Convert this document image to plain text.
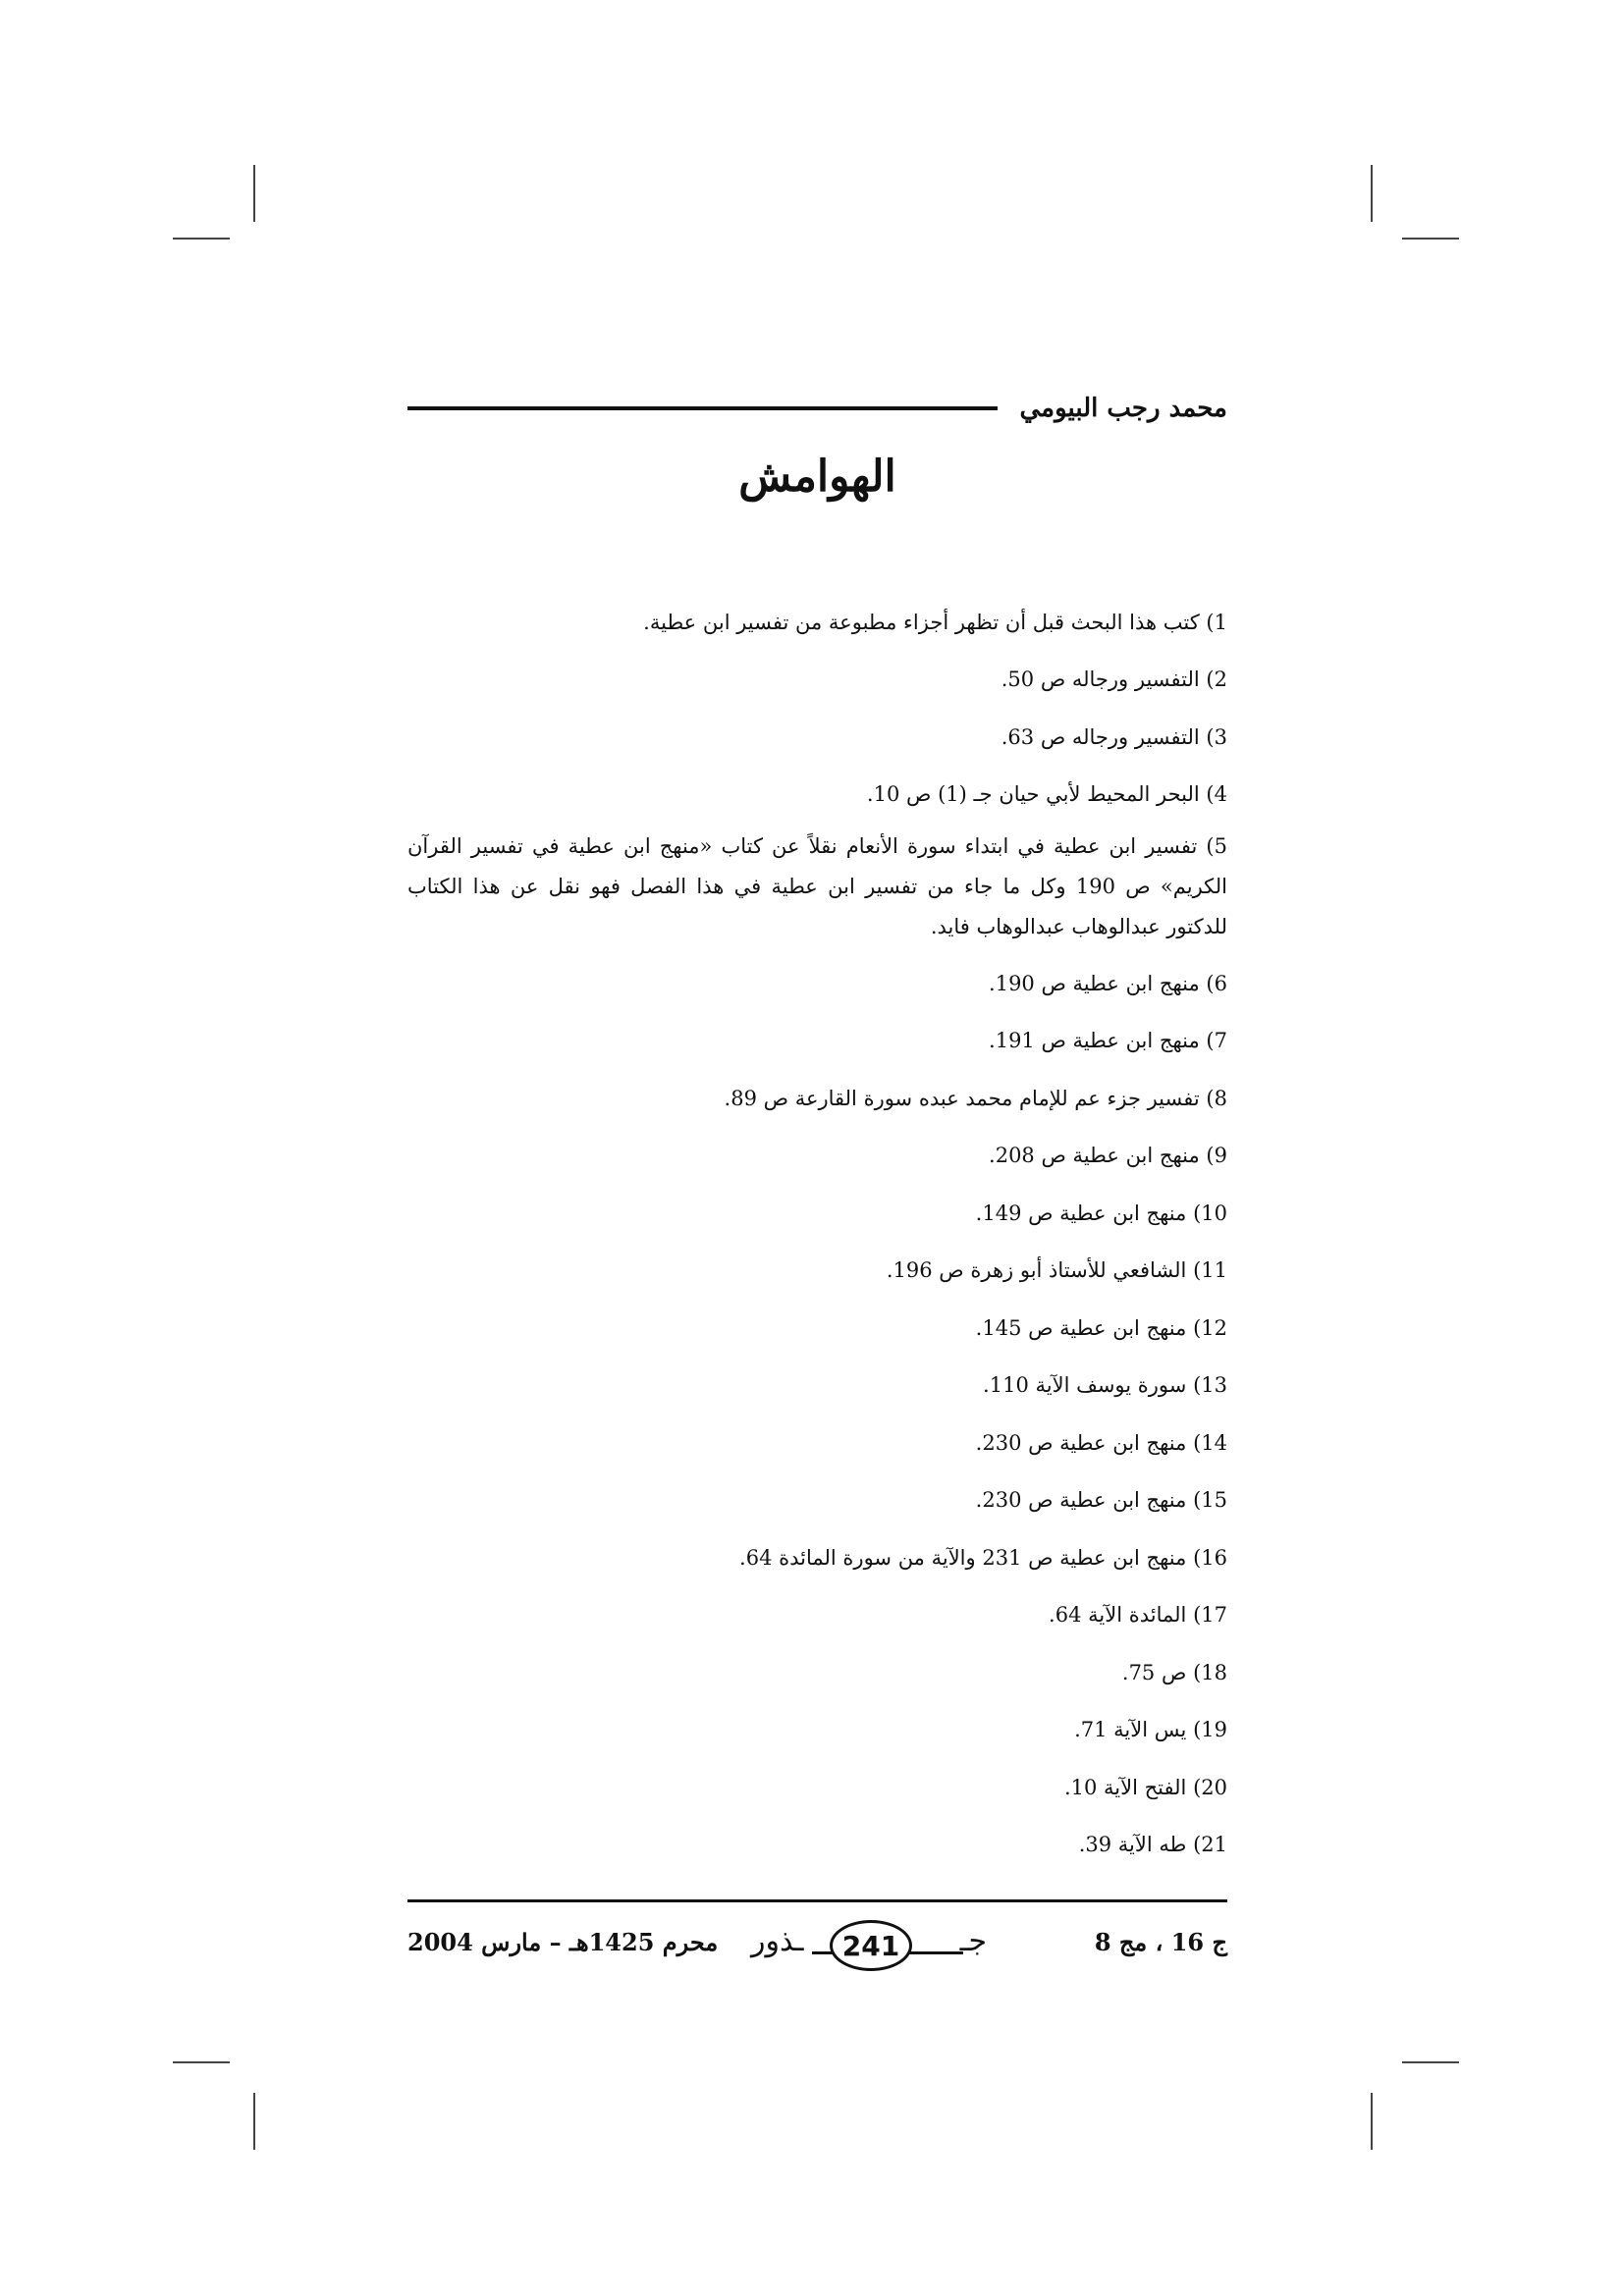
محمد رجب البيومي
الهوامش
1)

كتب هذا البحث قبل أن تظهر أجزاء مطبوعة من تفسير ابن عطية.
2)

التفسير ورجاله ص 50.
3)

التفسير ورجاله ص 63.
4)

البحر المحيط لأبي حيان جـ (1) ص 10.
5) تفسير ابن عطية في ابتداء سورة الأنعام نقلاً عن كتاب «منهج ابن عطية في تفسير القرآن الكريم» ص 190 وكل ما جاء من تفسير ابن عطية في هذا الفصل فهو نقل عن هذا الكتاب للدكتور عبدالوهاب عبدالوهاب فايد.
6)

منهج ابن عطية ص 190.
7)

منهج ابن عطية ص 191.
8)

تفسير جزء عم للإمام محمد عبده سورة القارعة ص 89.
9)

منهج ابن عطية ص 208.
10)

منهج ابن عطية ص 149.
11)

الشافعي للأستاذ أبو زهرة ص 196.
12)

منهج ابن عطية ص 145.
13)

سورة يوسف الآية 110.
14)

منهج ابن عطية ص 230.
15)

منهج ابن عطية ص 230.
16)

منهج ابن عطية ص 231 والآية من سورة المائدة 64.
17)

المائدة الآية 64.
18)

ص 75.
19)

يس الآية 71.
20)

الفتح الآية 10.
21)

طه الآية 39.
ج 16 ، مج 8
ـذور	241	جـ
محرم 1425هـ – مارس 2004
